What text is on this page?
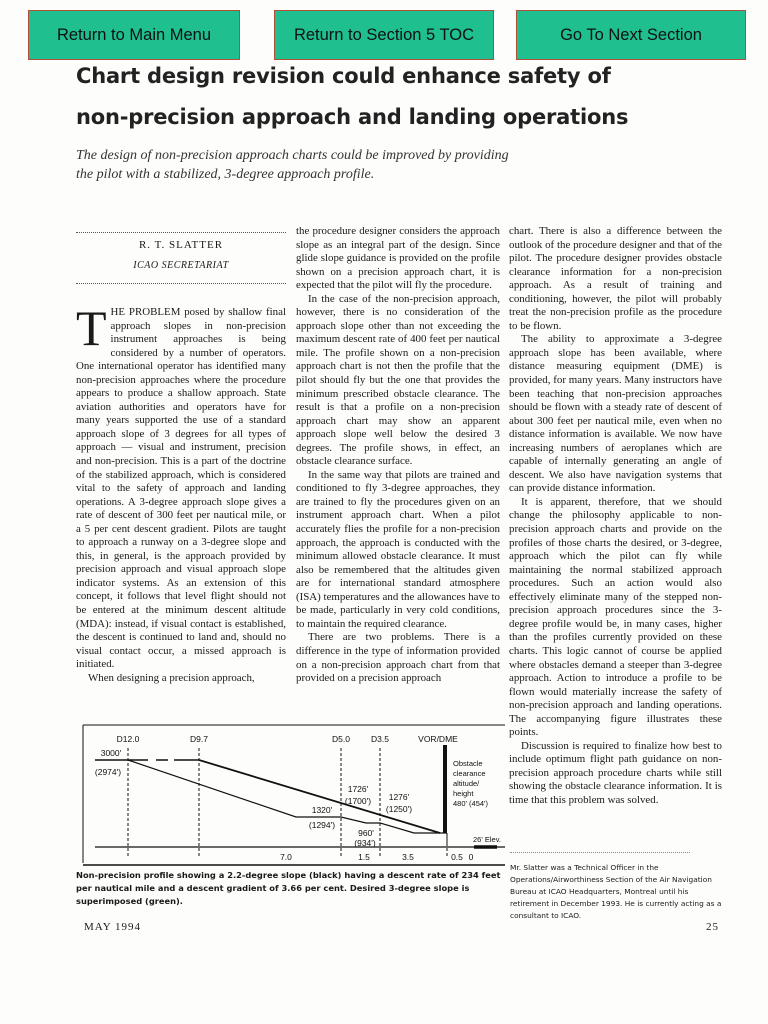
Return to Main Menu	Return to Section 5 TOC	Go To Next Section
Chart design revision could enhance safety of
non-precision approach and landing operations
The design of non-precision approach charts could be improved by providing
the pilot with a stabilized, 3-degree approach profile.
R. T. SLATTER
ICAO SECRETARIAT

THE PROBLEM posed by shallow final approach slopes in non-precision instrument approaches is being considered by a number of operators. One international operator has identified many non-precision approaches where the procedure appears to produce a shallow approach. State aviation authorities and operators have for many years supported the use of a standard approach slope of 3 degrees for all types of approach — visual and instrument, precision and non-precision. This is a part of the doctrine of the stabilized approach, which is considered vital to the safety of approach and landing operations. A 3-degree approach slope gives a rate of descent of 300 feet per nautical mile, or a 5 per cent descent gradient. Pilots are taught to approach a runway on a 3-degree slope and this, in general, is the approach provided by precision approach and visual approach slope indicator systems. As an extension of this concept, it follows that level flight should not be entered at the minimum descent altitude (MDA): instead, if visual contact is established, the descent is continued to land and, should no visual contact occur, a missed approach is initiated.

When designing a precision approach,

the procedure designer considers the approach slope as an integral part of the design. Since glide slope guidance is provided on the profile shown on a precision approach chart, it is expected that the pilot will fly the procedure.

In the case of the non-precision approach, however, there is no consideration of the approach slope other than not exceeding the maximum descent rate of 400 feet per nautical mile. The profile shown on a non-precision approach chart is not then the profile that the pilot should fly but the one that provides the minimum prescribed obstacle clearance. The result is that a profile on a non-precision approach chart may show an apparent approach slope well below the desired 3 degrees. The profile shows, in effect, an obstacle clearance surface.

In the same way that pilots are trained and conditioned to fly 3-degree approaches, they are trained to fly the procedures given on an instrument approach chart. When a pilot accurately flies the profile for a non-precision approach, the approach is conducted with the minimum allowed obstacle clearance. It must also be remembered that the altitudes given are for international standard atmosphere (ISA) temperatures and the allowances have to be made, particularly in very cold conditions, to maintain the required clearance.

There are two problems. There is a difference in the type of information provided on a non-precision approach chart from that provided on a precision approach

chart. There is also a difference between the outlook of the procedure designer and that of the pilot. The procedure designer provides obstacle clearance information for a non-precision approach. As a result of training and conditioning, however, the pilot will probably treat the non-precision profile as the procedure to be flown.

The ability to approximate a 3-degree approach slope has been available, where distance measuring equipment (DME) is provided, for many years. Many instructors have been teaching that non-precision approaches should be flown with a steady rate of descent of about 300 feet per nautical mile, even when no distance information is available. We now have increasing numbers of aeroplanes which are capable of internally generating an angle of descent. We also have navigation systems that can provide distance information.

It is apparent, therefore, that we should change the philosophy applicable to non-precision approach charts and provide on the profiles of those charts the desired, or 3-degree, approach which the pilot can fly while maintaining the normal stabilized approach procedures. Such an action would also effectively eliminate many of the stepped non-precision approach procedures since the 3-degree profile would be, in many cases, higher than the profiles currently provided on these charts. This logic cannot of course be applied where obstacles demand a steeper than 3-degree approach. Action to introduce a profile to be flown would materially increase the safety of non-precision approach and landing operations. The accompanying figure illustrates these points.

Discussion is required to finalize how best to include optimum flight path guidance on non-precision approach procedure charts while still showing the obstacle clearance information. It is time that this problem was solved.

D12.0	D9.7	D5.0 D3.5	VOR/DME
3000'
(2974')
1726'
(1700') 1276'
(1250')
1320'
(1294')
960'
(934')
7.0	1.5	3.5	0.5 0
Obstacle
clearance
altitude/
height
480' (454')
26' Elev.
Non-precision profile showing a 2.2-degree slope (black) having a descent rate of 234 feet per nautical mile and a descent gradient of 3.66 per cent. Desired 3-degree slope is superimposed (green).
Mr. Slatter was a Technical Officer in the Operations/Airworthiness Section of the Air Navigation Bureau at ICAO Headquarters, Montreal until his retirement in December 1993. He is currently acting as a consultant to ICAO.
MAY 1994	25
